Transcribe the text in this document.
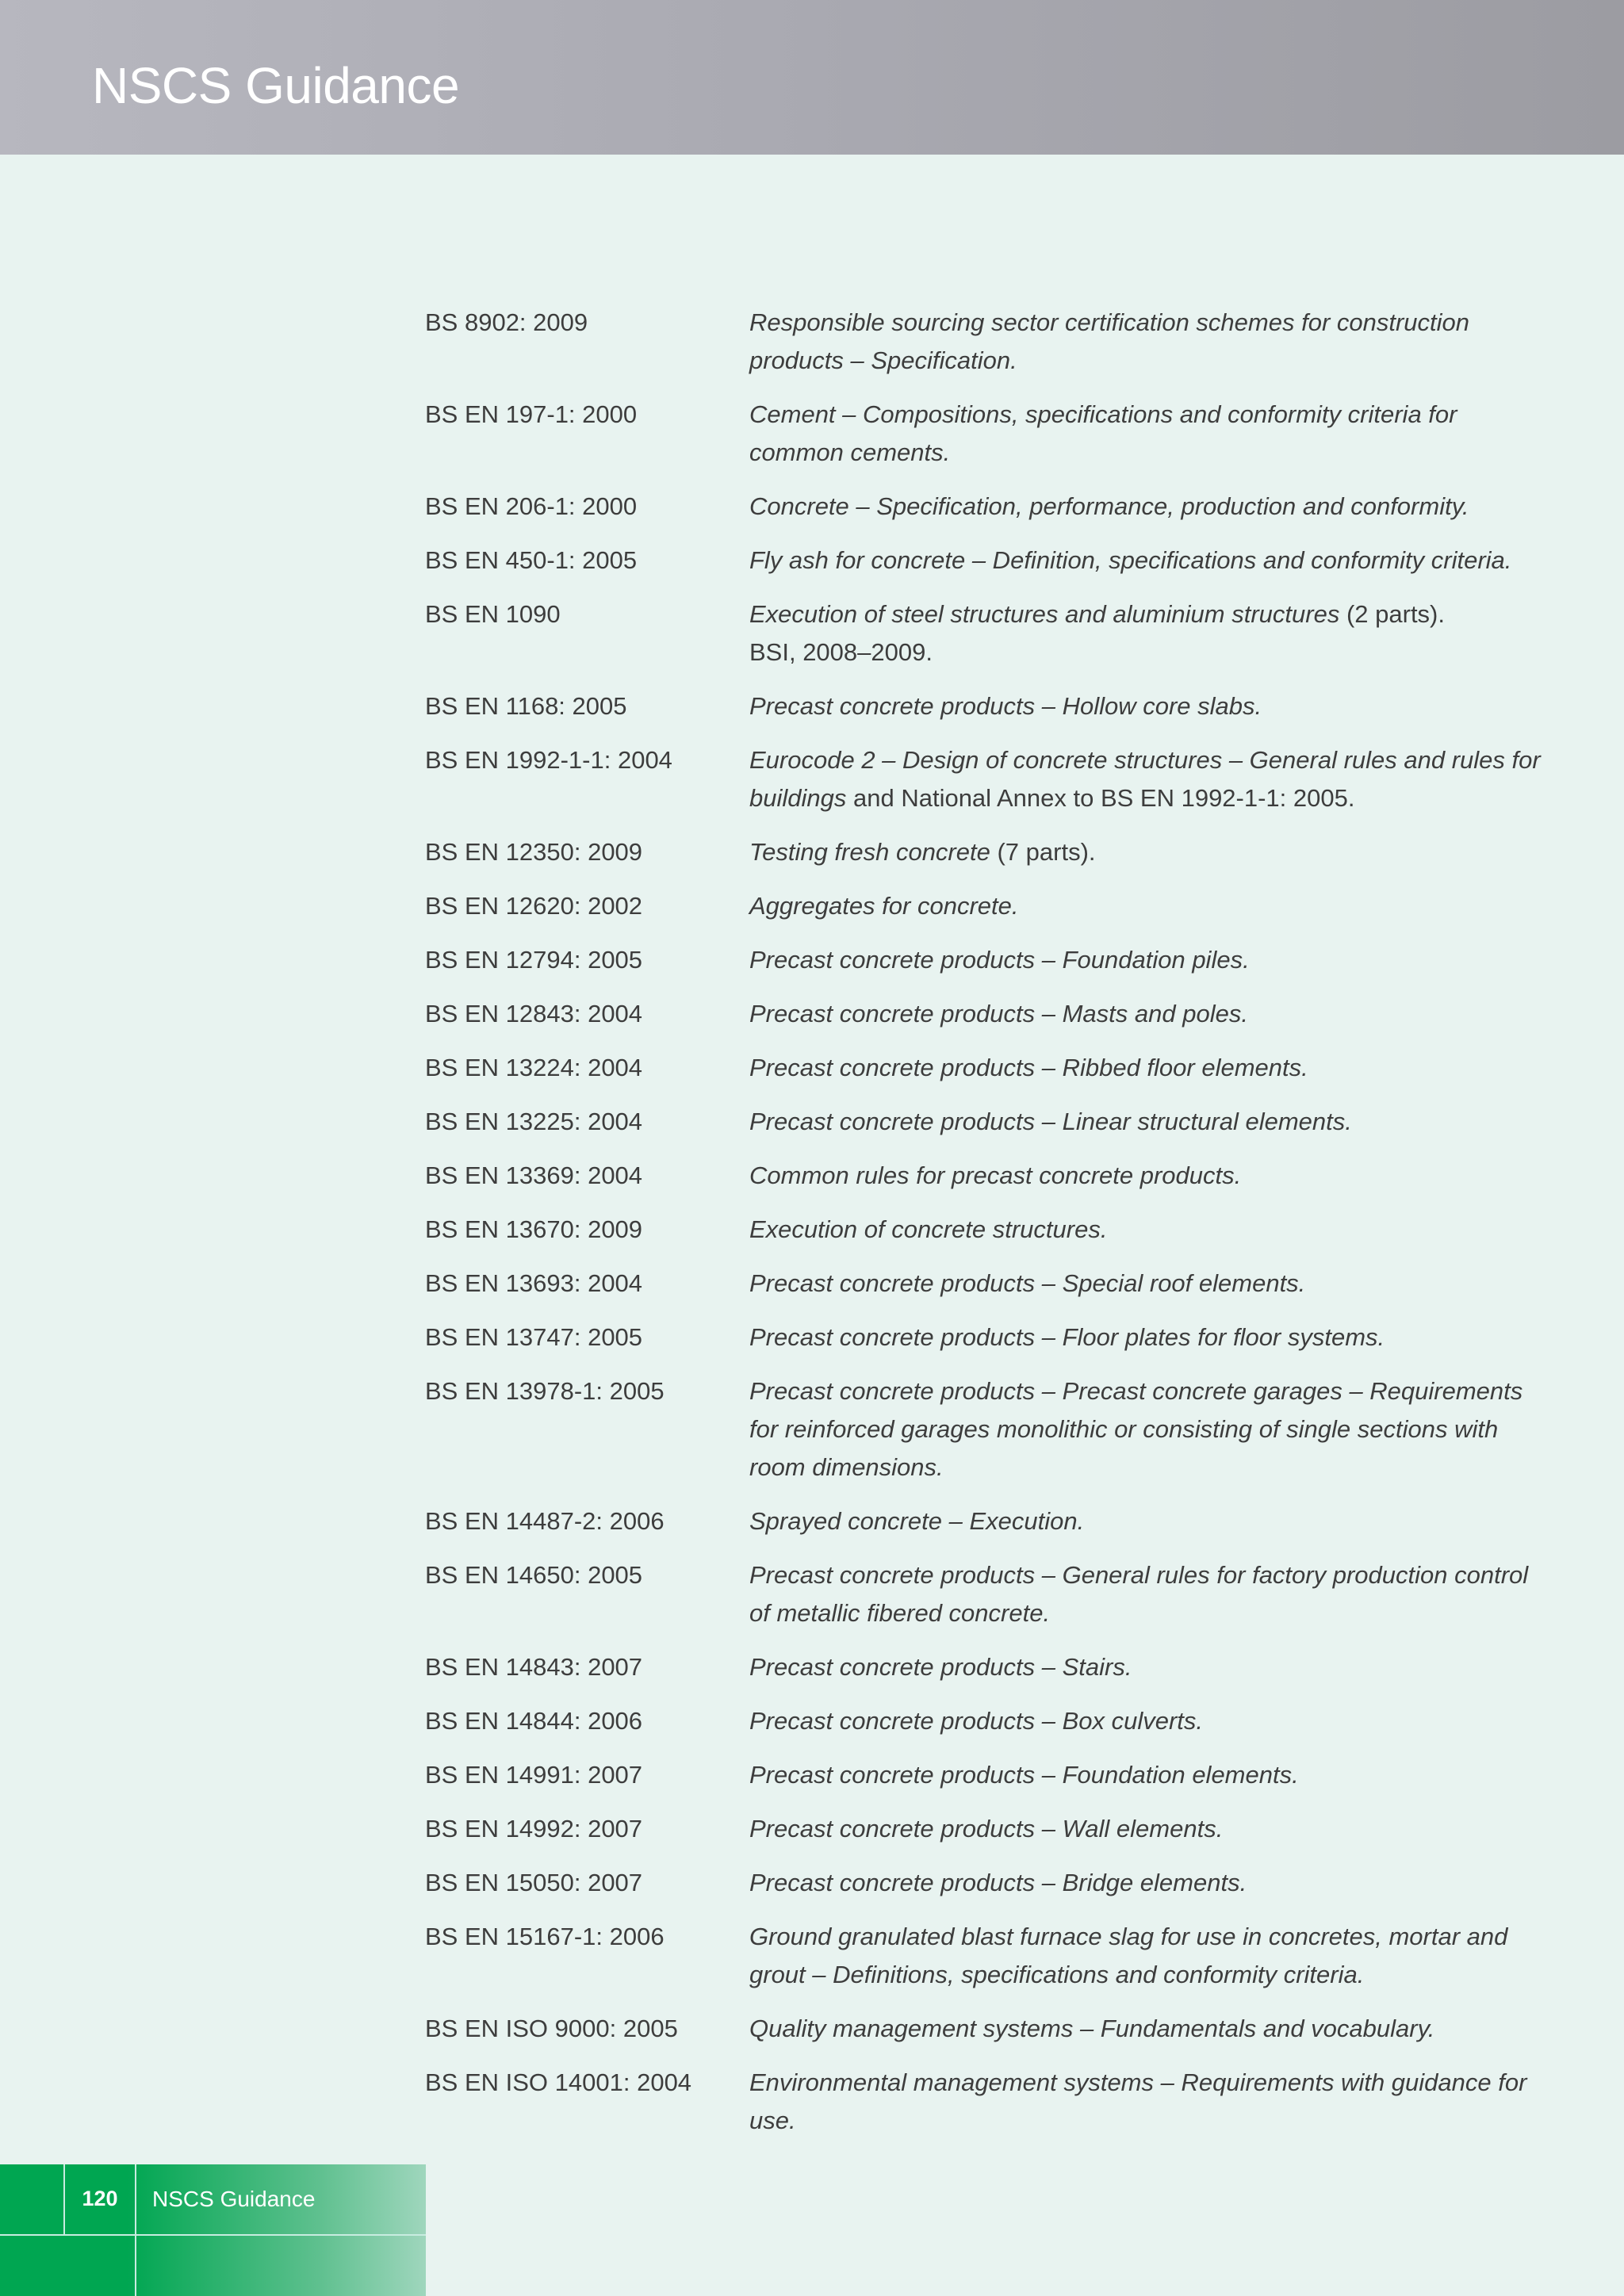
NSCS Guidance
BS 8902: 2009	Responsible sourcing sector certification schemes for construction products – Specification.
BS EN 197-1: 2000	Cement – Compositions, specifications and conformity criteria for common cements.
BS EN 206-1: 2000	Concrete – Specification, performance, production and conformity.
BS EN 450-1: 2005	Fly ash for concrete – Definition, specifications and conformity criteria.
BS EN 1090	Execution of steel structures and aluminium structures (2 parts).
BSI, 2008–2009.
BS EN 1168: 2005	Precast concrete products – Hollow core slabs.
BS EN 1992-1-1: 2004	Eurocode 2 – Design of concrete structures – General rules and rules for buildings and National Annex to BS EN 1992-1-1: 2005.
BS EN 12350: 2009	Testing fresh concrete (7 parts).
BS EN 12620: 2002	Aggregates for concrete.
BS EN 12794: 2005	Precast concrete products – Foundation piles.
BS EN 12843: 2004	Precast concrete products – Masts and poles.
BS EN 13224: 2004	Precast concrete products – Ribbed floor elements.
BS EN 13225: 2004	Precast concrete products – Linear structural elements.
BS EN 13369: 2004	Common rules for precast concrete products.
BS EN 13670: 2009	Execution of concrete structures.
BS EN 13693: 2004	Precast concrete products – Special roof elements.
BS EN 13747: 2005	Precast concrete products – Floor plates for floor systems.
BS EN 13978-1: 2005	Precast concrete products – Precast concrete garages – Requirements for reinforced garages monolithic or consisting of single sections with room dimensions.
BS EN 14487-2: 2006	Sprayed concrete – Execution.
BS EN 14650: 2005	Precast concrete products – General rules for factory production control of metallic fibered concrete.
BS EN 14843: 2007	Precast concrete products – Stairs.
BS EN 14844: 2006	Precast concrete products – Box culverts.
BS EN 14991: 2007	Precast concrete products – Foundation elements.
BS EN 14992: 2007	Precast concrete products – Wall elements.
BS EN 15050: 2007	Precast concrete products – Bridge elements.
BS EN 15167-1: 2006	Ground granulated blast furnace slag for use in concretes, mortar and grout – Definitions, specifications and conformity criteria.
BS EN ISO 9000: 2005	Quality management systems – Fundamentals and vocabulary.
BS EN ISO 14001: 2004	Environmental management systems – Requirements with guidance for use.
120	NSCS Guidance
